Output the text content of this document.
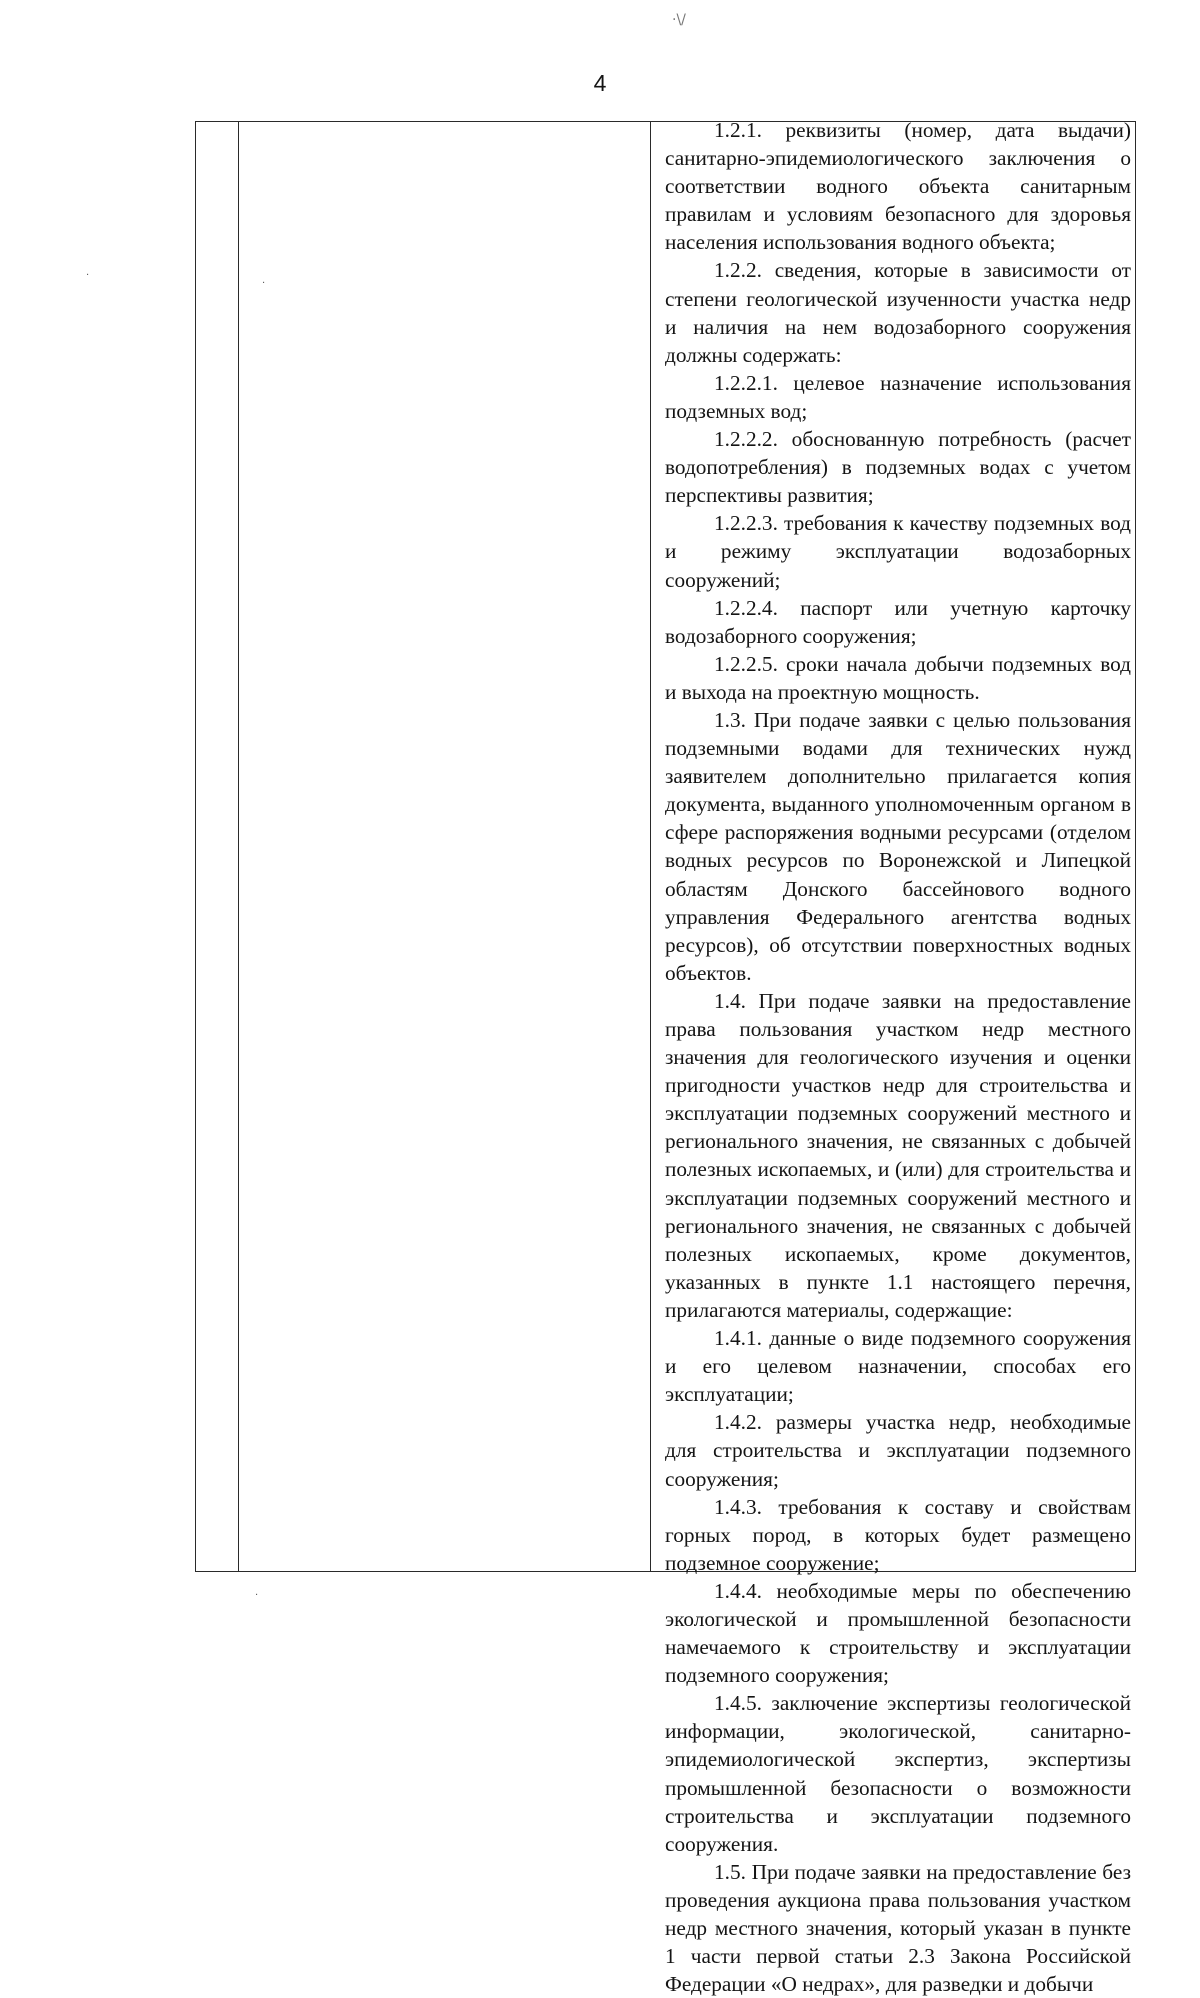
·\/
4

1.2.1. реквизиты (номер, дата выдачи) санитарно-эпидемиологического заключения о соответствии водного объекта санитарным правилам и условиям безопасного для здоровья населения использования водного объекта;

1.2.2. сведения, которые в зависимости от степени геологической изученности участка недр и наличия на нем водозаборного сооружения должны содержать:

1.2.2.1. целевое назначение использования подземных вод;

1.2.2.2. обоснованную потребность (расчет водопотребления) в подземных водах с учетом перспективы развития;

1.2.2.3. требования к качеству подземных вод и режиму эксплуатации водозаборных сооружений;

1.2.2.4. паспорт или учетную карточку водозаборного сооружения;

1.2.2.5. сроки начала добычи подземных вод и выхода на проектную мощность.

1.3. При подаче заявки с целью пользования подземными водами для технических нужд заявителем дополнительно прилагается копия документа, выданного уполномоченным органом в сфере распоряжения водными ресурсами (отделом водных ресурсов по Воронежской и Липецкой областям Донского бассейнового водного управления Федерального агентства водных ресурсов), об отсутствии поверхностных водных объектов.

1.4. При подаче заявки на предоставление права пользования участком недр местного значения для геологического изучения и оценки пригодности участков недр для строительства и эксплуатации подземных сооружений местного и регионального значения, не связанных с добычей полезных ископаемых, и (или) для строительства и эксплуатации подземных сооружений местного и регионального значения, не связанных с добычей полезных ископаемых, кроме документов, указанных в пункте 1.1 настоящего перечня, прилагаются материалы, содержащие:

1.4.1. данные о виде подземного сооружения и его целевом назначении, способах его эксплуатации;

1.4.2. размеры участка недр, необходимые для строительства и эксплуатации подземного сооружения;

1.4.3. требования к составу и свойствам горных пород, в которых будет размещено подземное сооружение;

1.4.4. необходимые меры по обеспечению экологической и промышленной безопасности намечаемого к строительству и эксплуатации подземного сооружения;

1.4.5. заключение экспертизы геологической информации, экологической, санитарно-эпидемиологической экспертиз, экспертизы промышленной безопасности о возможности строительства и эксплуатации подземного сооружения.

1.5. При подаче заявки на предоставление без проведения аукциона права пользования участком недр местного значения, который указан в пункте 1 части первой статьи 2.3 Закона Российской Федерации «О недрах», для разведки и добычи

·
·
·
